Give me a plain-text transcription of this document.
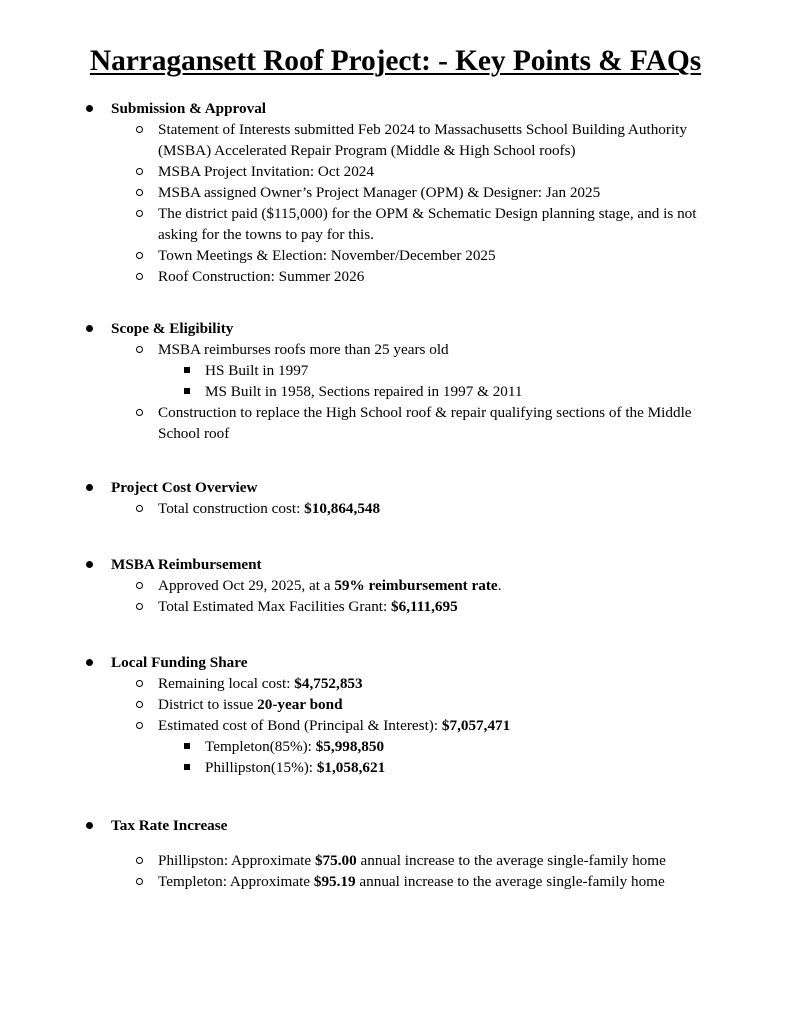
Narragansett Roof Project: - Key Points & FAQs
Submission & Approval
Statement of Interests submitted Feb 2024 to Massachusetts School Building Authority (MSBA) Accelerated Repair Program (Middle & High School roofs)
MSBA Project Invitation: Oct 2024
MSBA assigned Owner’s Project Manager (OPM) & Designer: Jan 2025
The district paid ($115,000) for the OPM & Schematic Design planning stage, and is not asking for the towns to pay for this.
Town Meetings & Election: November/December 2025
Roof Construction: Summer 2026
Scope & Eligibility
MSBA reimburses roofs more than 25 years old
HS Built in 1997
MS Built in 1958, Sections repaired in 1997 & 2011
Construction to replace the High School roof & repair qualifying sections of the Middle School roof
Project Cost Overview
Total construction cost: $10,864,548
MSBA Reimbursement
Approved Oct 29, 2025, at a 59% reimbursement rate.
Total Estimated Max Facilities Grant: $6,111,695
Local Funding Share
Remaining local cost: $4,752,853
District to issue 20-year bond
Estimated cost of Bond (Principal & Interest): $7,057,471
Templeton(85%): $5,998,850
Phillipston(15%): $1,058,621
Tax Rate Increase
Phillipston: Approximate $75.00 annual increase to the average single-family home
Templeton: Approximate $95.19 annual increase to the average single-family home
